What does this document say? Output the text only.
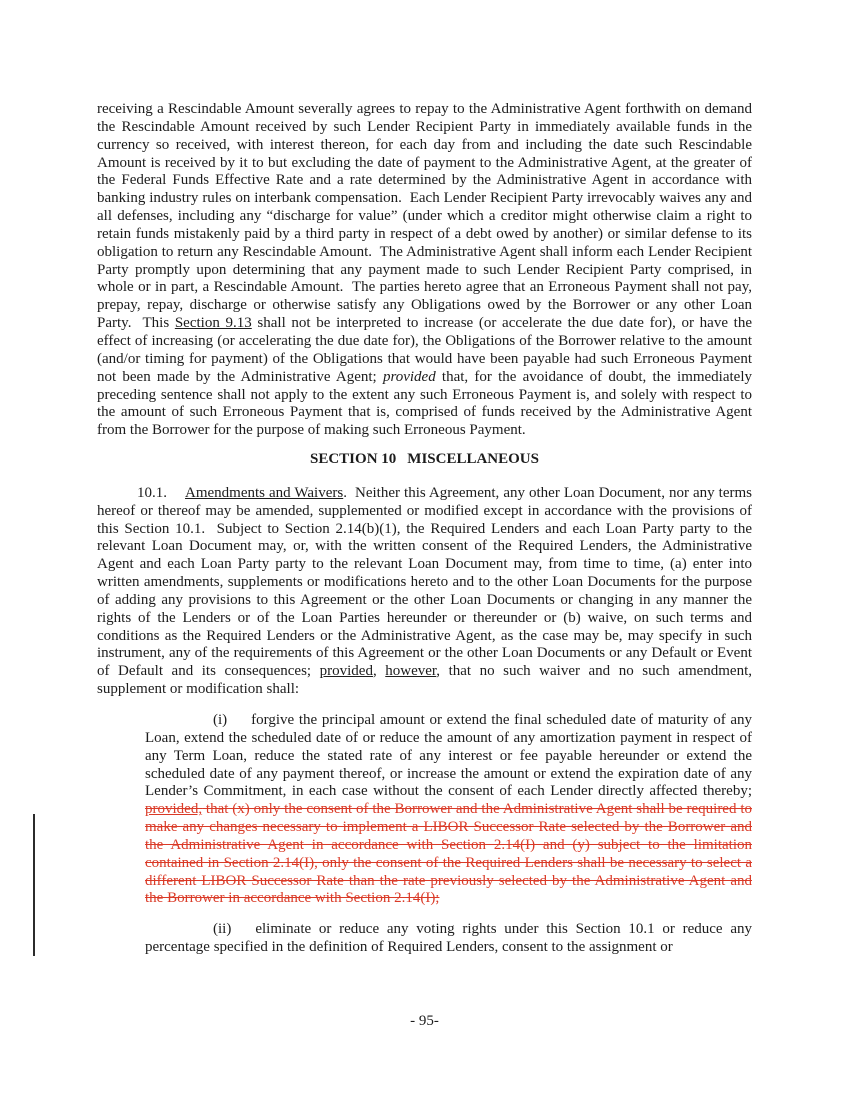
receiving a Rescindable Amount severally agrees to repay to the Administrative Agent forthwith on demand the Rescindable Amount received by such Lender Recipient Party in immediately available funds in the currency so received, with interest thereon, for each day from and including the date such Rescindable Amount is received by it to but excluding the date of payment to the Administrative Agent, at the greater of the Federal Funds Effective Rate and a rate determined by the Administrative Agent in accordance with banking industry rules on interbank compensation.  Each Lender Recipient Party irrevocably waives any and all defenses, including any “discharge for value” (under which a creditor might otherwise claim a right to retain funds mistakenly paid by a third party in respect of a debt owed by another) or similar defense to its obligation to return any Rescindable Amount.  The Administrative Agent shall inform each Lender Recipient Party promptly upon determining that any payment made to such Lender Recipient Party comprised, in whole or in part, a Rescindable Amount.  The parties hereto agree that an Erroneous Payment shall not pay, prepay, repay, discharge or otherwise satisfy any Obligations owed by the Borrower or any other Loan Party.  This Section 9.13 shall not be interpreted to increase (or accelerate the due date for), or have the effect of increasing (or accelerating the due date for), the Obligations of the Borrower relative to the amount (and/or timing for payment) of the Obligations that would have been payable had such Erroneous Payment not been made by the Administrative Agent; provided that, for the avoidance of doubt, the immediately preceding sentence shall not apply to the extent any such Erroneous Payment is, and solely with respect to the amount of such Erroneous Payment that is, comprised of funds received by the Administrative Agent from the Borrower for the purpose of making such Erroneous Payment.

SECTION 10 MISCELLANEOUS

10.1. Amendments and Waivers.  Neither this Agreement, any other Loan Document, nor any terms hereof or thereof may be amended, supplemented or modified except in accordance with the provisions of this Section 10.1.  Subject to Section 2.14(b)(1), the Required Lenders and each Loan Party party to the relevant Loan Document may, or, with the written consent of the Required Lenders, the Administrative Agent and each Loan Party party to the relevant Loan Document may, from time to time, (a) enter into written amendments, supplements or modifications hereto and to the other Loan Documents for the purpose of adding any provisions to this Agreement or the other Loan Documents or changing in any manner the rights of the Lenders or of the Loan Parties hereunder or thereunder or (b) waive, on such terms and conditions as the Required Lenders or the Administrative Agent, as the case may be, may specify in such instrument, any of the requirements of this Agreement or the other Loan Documents or any Default or Event of Default and its consequences; provided, however, that no such waiver and no such amendment, supplement or modification shall:

(i) forgive the principal amount or extend the final scheduled date of maturity of any Loan, extend the scheduled date of or reduce the amount of any amortization payment in respect of any Term Loan, reduce the stated rate of any interest or fee payable hereunder or extend the scheduled date of any payment thereof, or increase the amount or extend the expiration date of any Lender’s Commitment, in each case without the consent of each Lender directly affected thereby; provided, that (x) only the consent of the Borrower and the Administrative Agent shall be required to make any changes necessary to implement a LIBOR Successor Rate selected by the Borrower and the Administrative Agent in accordance with Section 2.14(I) and (y) subject to the limitation contained in Section 2.14(I), only the consent of the Required Lenders shall be necessary to select a different LIBOR Successor Rate than the rate previously selected by the Administrative Agent and the Borrower in accordance with Section 2.14(I);

(ii) eliminate or reduce any voting rights under this Section 10.1 or reduce any percentage specified in the definition of Required Lenders, consent to the assignment or

- 95-
